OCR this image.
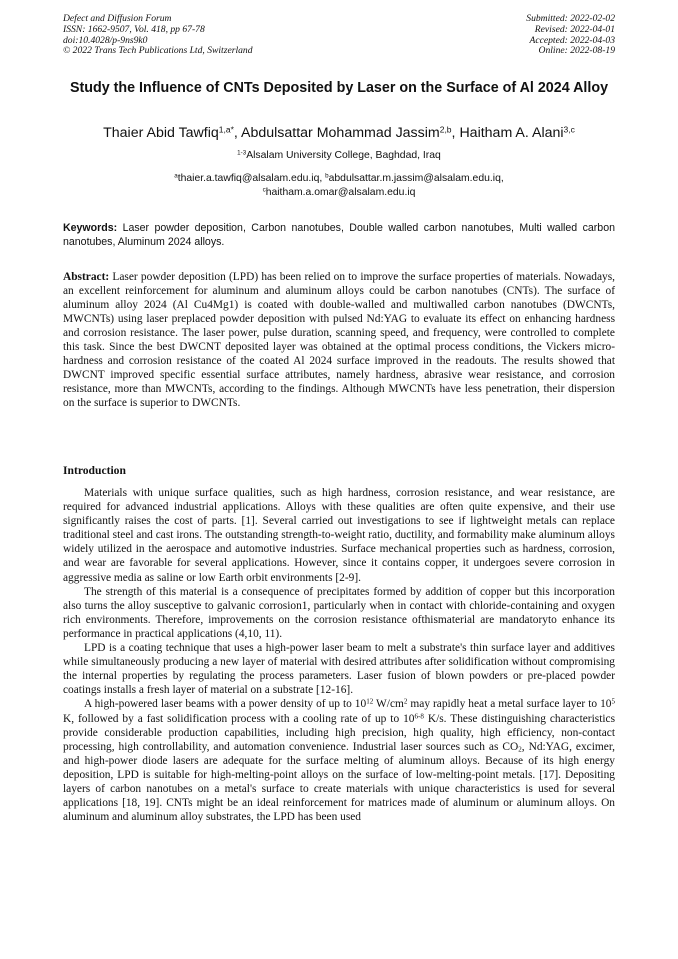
Defect and Diffusion Forum
ISSN: 1662-9507, Vol. 418, pp 67-78
doi:10.4028/p-9ns9k0
© 2022 Trans Tech Publications Ltd, Switzerland
Submitted: 2022-02-02
Revised: 2022-04-01
Accepted: 2022-04-03
Online: 2022-08-19
Study the Influence of CNTs Deposited by Laser on the Surface of Al 2024 Alloy
Thaier Abid Tawfiq$^{1,a*}$, Abdulsattar Mohammad Jassim$^{2,b}$, Haitham A. Alani$^{3,c}$
$^{1-3}$Alsalam University College, Baghdad, Iraq
$^a$thaier.a.tawfiq@alsalam.edu.iq, $^b$abdulsattar.m.jassim@alsalam.edu.iq,
$^c$haitham.a.omar@alsalam.edu.iq
Keywords: Laser powder deposition, Carbon nanotubes, Double walled carbon nanotubes, Multi walled carbon nanotubes, Aluminum 2024 alloys.
Abstract: Laser powder deposition (LPD) has been relied on to improve the surface properties of materials. Nowadays, an excellent reinforcement for aluminum and aluminum alloys could be carbon nanotubes (CNTs). The surface of aluminum alloy 2024 (Al Cu4Mg1) is coated with double-walled and multiwalled carbon nanotubes (DWCNTs, MWCNTs) using laser preplaced powder deposition with pulsed Nd:YAG to evaluate its effect on enhancing hardness and corrosion resistance. The laser power, pulse duration, scanning speed, and frequency, were controlled to complete this task. Since the best DWCNT deposited layer was obtained at the optimal process conditions, the Vickers micro-hardness and corrosion resistance of the coated Al 2024 surface improved in the readouts. The results showed that DWCNT improved specific essential surface attributes, namely hardness, abrasive wear resistance, and corrosion resistance, more than MWCNTs, according to the findings. Although MWCNTs have less penetration, their dispersion on the surface is superior to DWCNTs.
Introduction

Materials with unique surface qualities, such as high hardness, corrosion resistance, and wear resistance, are required for advanced industrial applications. Alloys with these qualities are often quite expensive, and their use significantly raises the cost of parts. [1]. Several carried out investigations to see if lightweight metals can replace traditional steel and cast irons. The outstanding strength-to-weight ratio, ductility, and formability make aluminum alloys widely utilized in the aerospace and automotive industries. Surface mechanical properties such as hardness, corrosion, and wear are favorable for several applications. However, since it contains copper, it undergoes severe corrosion in aggressive media as saline or low Earth orbit environments [2-9].

The strength of this material is a consequence of precipitates formed by addition of copper but this incorporation also turns the alloy susceptive to galvanic corrosion1, particularly when in contact with chloride-containing and oxygen rich environments. Therefore, improvements on the corrosion resistance ofthismaterial are mandatoryto enhance its performance in practical applications (4,10, 11).

LPD is a coating technique that uses a high-power laser beam to melt a substrate's thin surface layer and additives while simultaneously producing a new layer of material with desired attributes after solidification without compromising the internal properties by regulating the process parameters. Laser fusion of blown powders or pre-placed powder coatings installs a fresh layer of material on a substrate [12-16].

A high-powered laser beams with a power density of up to $10^{12}$ $W/cm^2$ may rapidly heat a metal surface layer to $10^5$ K, followed by a fast solidification process with a cooling rate of up to 10$^{6-8}$ K/s. These distinguishing characteristics provide considerable production capabilities, including high precision, high quality, high efficiency, non-contact processing, high controllability, and automation convenience. Industrial laser sources such as $CO_2$, Nd:YAG, excimer, and high-power diode lasers are adequate for the surface melting of aluminum alloys. Because of its high energy deposition, LPD is suitable for high-melting-point alloys on the surface of low-melting-point metals. [17]. Depositing layers of carbon nanotubes on a metal's surface to create materials with unique characteristics is used for several applications [18, 19]. CNTs might be an ideal reinforcement for matrices made of aluminum or aluminum alloys. On aluminum and aluminum alloy substrates, the LPD has been used
